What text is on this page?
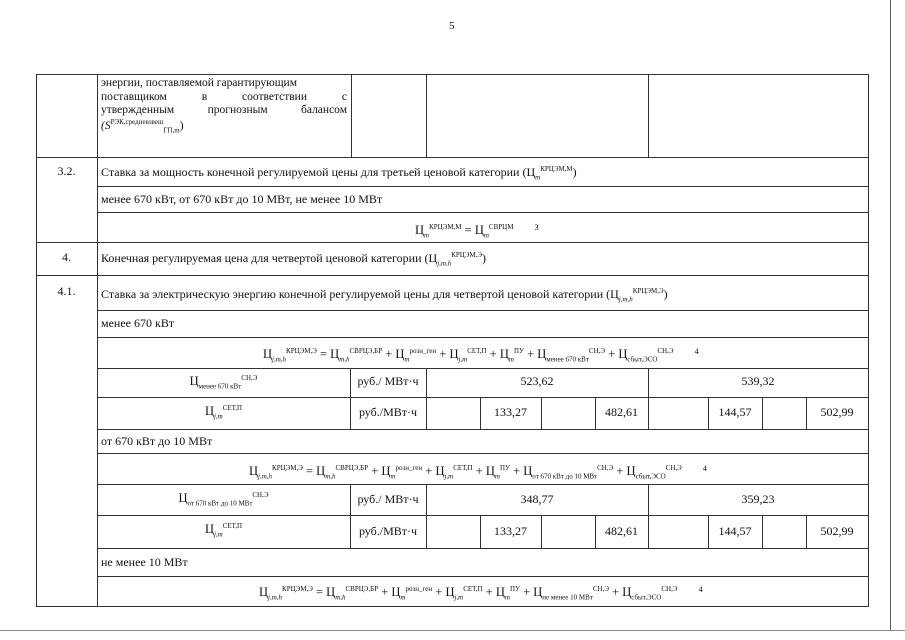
5
энергии, поставляемой гарантирующим
поставщиком	в	соответствии	с
утвержденным	прогнозным	балансом
$(S^{РЭК,средневзвеш}_{ГП,m})$
3.2.	Ставка за мощность конечной регулируемой цены для третьей ценовой категории $(Ц_m^{КРЦЭМ,М})$
менее 670 кВт, от 670 кВт до 10 МВт, не менее 10 МВт
$Ц_m^{КРЦЭМ,М} = Ц_m^{СВРЦМ}$	$^3$
4.	Конечная регулируемая цена для четвертой ценовой категории $(Ц_{j,m,h}^{КРЦЭМ,Э})$
4.1.	Ставка за электрическую энергию конечной регулируемой цены для четвертой ценовой категории $(Ц_{j,m,h}^{КРЦЭМ,Э})$
менее 670 кВт
$Ц_{j,m,h}^{КРЦЭМ,Э} = Ц_{m,h}^{СВРЦЭ,БР} + Ц_m^{розн\_ген} + Ц_{j,m}^{СЕТ,П} + Ц_m^{ПУ} + Ц_{менее 670 кВт}^{СН,Э} + Ц_{сбыт,ЭСО}^{СН,Э}$	$^4$
$Ц_{менее 670 кВт}^{СН,Э}$	руб./ МВт·ч	523,62	539,32
$Ц_{j,m}^{СЕТ,П}$	руб./МВт·ч	133,27	482,61	144,57	502,99
от 670 кВт до 10 МВт
$Ц_{j,m,h}^{КРЦЭМ,Э} = Ц_{m,h}^{СВРЦЭ,БР} + Ц_m^{розн\_ген} + Ц_{j,m}^{СЕТ,П} + Ц_m^{ПУ} + Ц_{от 670 кВт до 10 МВт}^{СН,Э} + Ц_{сбыт,ЭСО}^{СН,Э}$	$^4$
$Ц_{от 670 кВт до 10 МВт}^{СН,Э}$	руб./ МВт·ч	348,77	359,23
$Ц_{j,m}^{СЕТ,П}$	руб./МВт·ч	133,27	482,61	144,57	502,99
не менее 10 МВт
$Ц_{j,m,h}^{КРЦЭМ,Э} = Ц_{m,h}^{СВРЦЭ,БР} + Ц_m^{розн\_ген} + Ц_{j,m}^{СЕТ,П} + Ц_m^{ПУ} + Ц_{не менее 10 МВт}^{СН,Э} + Ц_{сбыт,ЭСО}^{СН,Э}$	$^4$
